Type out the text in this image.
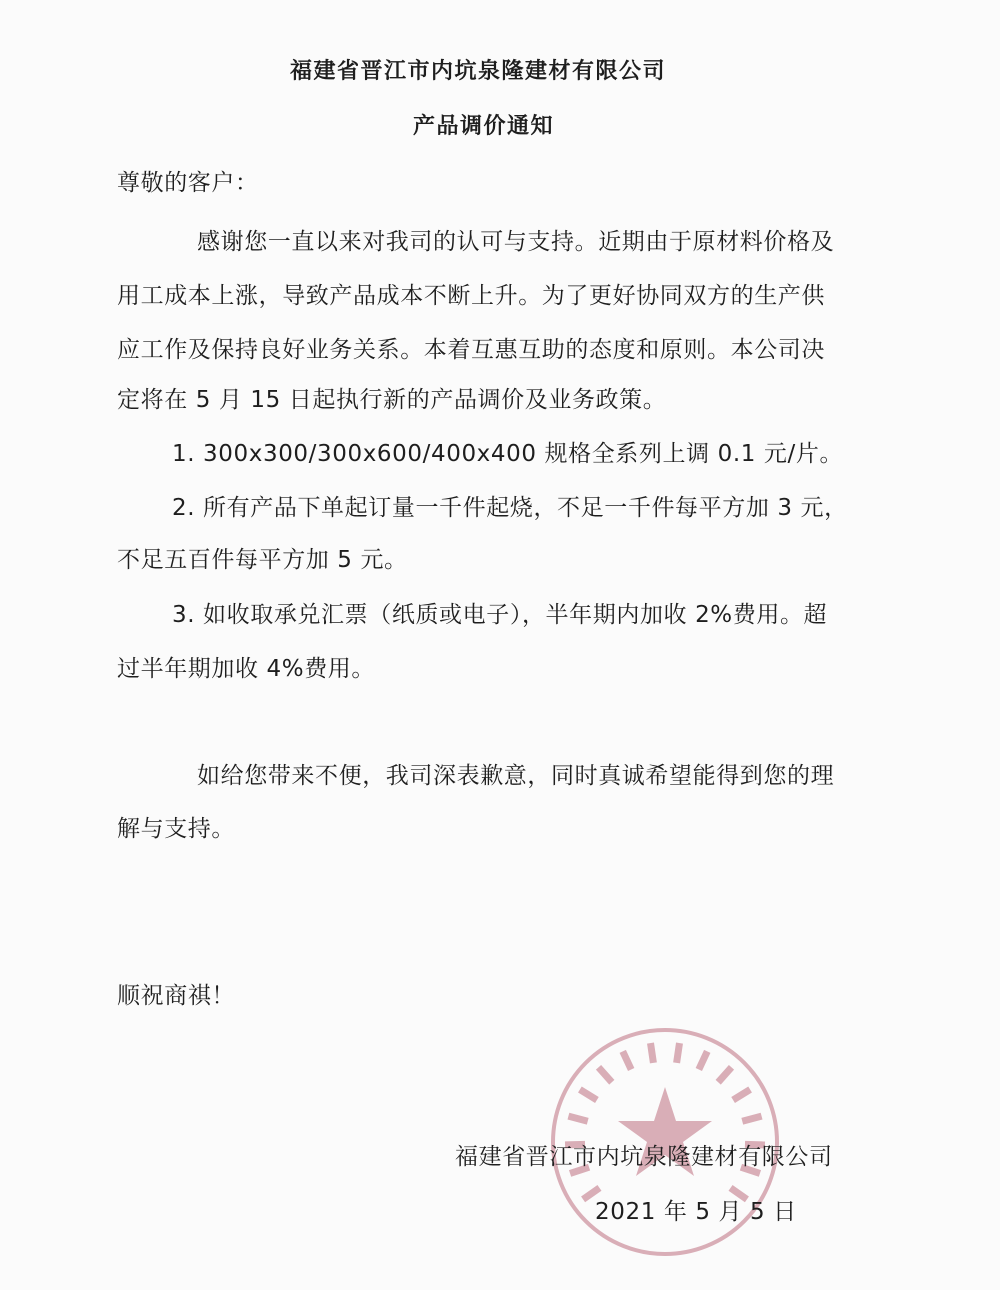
福建省晋江市内坑泉隆建材有限公司
产品调价通知
尊敬的客户：
感谢您一直以来对我司的认可与支持。近期由于原材料价格及
用工成本上涨，导致产品成本不断上升。为了更好协同双方的生产供
应工作及保持良好业务关系。本着互惠互助的态度和原则。本公司决
定将在 5 月 15 日起执行新的产品调价及业务政策。
1. 300x300/300x600/400x400 规格全系列上调 0.1 元/片。
2. 所有产品下单起订量一千件起烧，不足一千件每平方加 3 元，
不足五百件每平方加 5 元。
3. 如收取承兑汇票（纸质或电子），半年期内加收 2%费用。超
过半年期加收 4%费用。
如给您带来不便，我司深表歉意，同时真诚希望能得到您的理
解与支持。
顺祝商祺！
福建省晋江市内坑泉隆建材有限公司
2021 年 5 月 5 日
